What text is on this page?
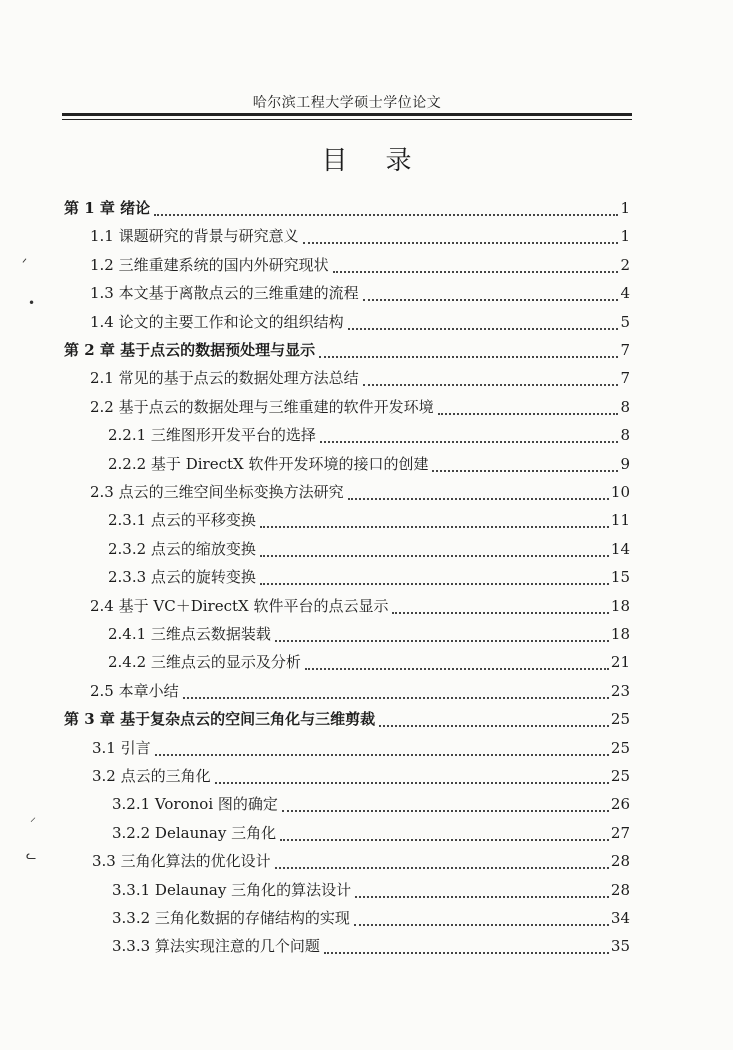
哈尔滨工程大学硕士学位论文
目录
第 1 章 绪论	1
1.1 课题研究的背景与研究意义	1
1.2 三维重建系统的国内外研究现状	2
1.3 本文基于离散点云的三维重建的流程	4
1.4 论文的主要工作和论文的组织结构	5
第 2 章 基于点云的数据预处理与显示	7
2.1 常见的基于点云的数据处理方法总结	7
2.2 基于点云的数据处理与三维重建的软件开发环境	8
2.2.1 三维图形开发平台的选择	8
2.2.2 基于 DirectX 软件开发环境的接口的创建	9
2.3 点云的三维空间坐标变换方法研究	10
2.3.1 点云的平移变换	11
2.3.2 点云的缩放变换	14
2.3.3 点云的旋转变换	15
2.4 基于 VC＋DirectX 软件平台的点云显示	18
2.4.1 三维点云数据装载	18
2.4.2 三维点云的显示及分析	21
2.5 本章小结	23
第 3 章 基于复杂点云的空间三角化与三维剪裁	25
3.1 引言	25
3.2 点云的三角化	25
3.2.1 Voronoi 图的确定	26
3.2.2 Delaunay 三角化	27
3.3 三角化算法的优化设计	28
3.3.1 Delaunay 三角化的算法设计	28
3.3.2 三角化数据的存储结构的实现	34
3.3.3 算法实现注意的几个问题	35
ᐟ
•
⸝
ᓚ
